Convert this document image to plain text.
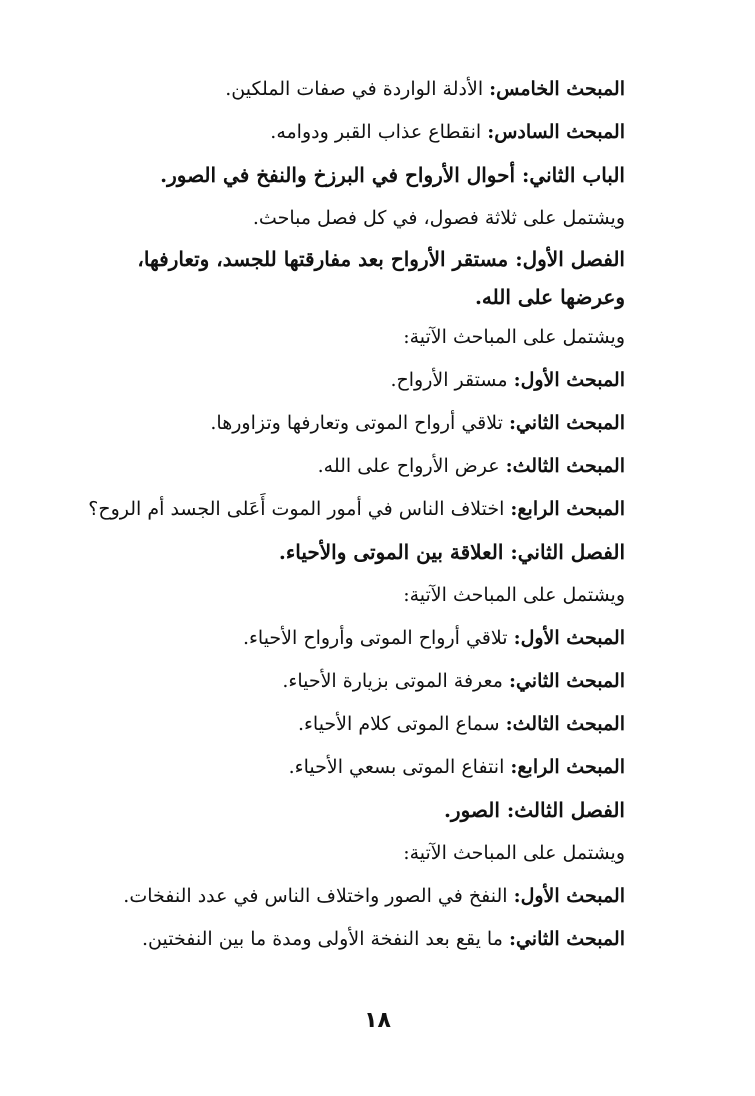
المبحث الخامس: الأدلة الواردة في صفات الملكين.
المبحث السادس: انقطاع عذاب القبر ودوامه.
الباب الثاني: أحوال الأرواح في البرزخ والنفخ في الصور.
ويشتمل على ثلاثة فصول، في كل فصل مباحث.
الفصل الأول: مستقر الأرواح بعد مفارقتها للجسد، وتعارفها،
وعرضها على الله.
ويشتمل على المباحث الآتية:
المبحث الأول: مستقر الأرواح.
المبحث الثاني: تلاقي أرواح الموتى وتعارفها وتزاورها.
المبحث الثالث: عرض الأرواح على الله.
المبحث الرابع: اختلاف الناس في أمور الموت أَعَلى الجسد أم الروح؟
الفصل الثاني: العلاقة بين الموتى والأحياء.
ويشتمل على المباحث الآتية:
المبحث الأول: تلاقي أرواح الموتى وأرواح الأحياء.
المبحث الثاني: معرفة الموتى بزيارة الأحياء.
المبحث الثالث: سماع الموتى كلام الأحياء.
المبحث الرابع: انتفاع الموتى بسعي الأحياء.
الفصل الثالث: الصور.
ويشتمل على المباحث الآتية:
المبحث الأول: النفخ في الصور واختلاف الناس في عدد النفخات.
المبحث الثاني: ما يقع بعد النفخة الأولى ومدة ما بين النفختين.
١٨
